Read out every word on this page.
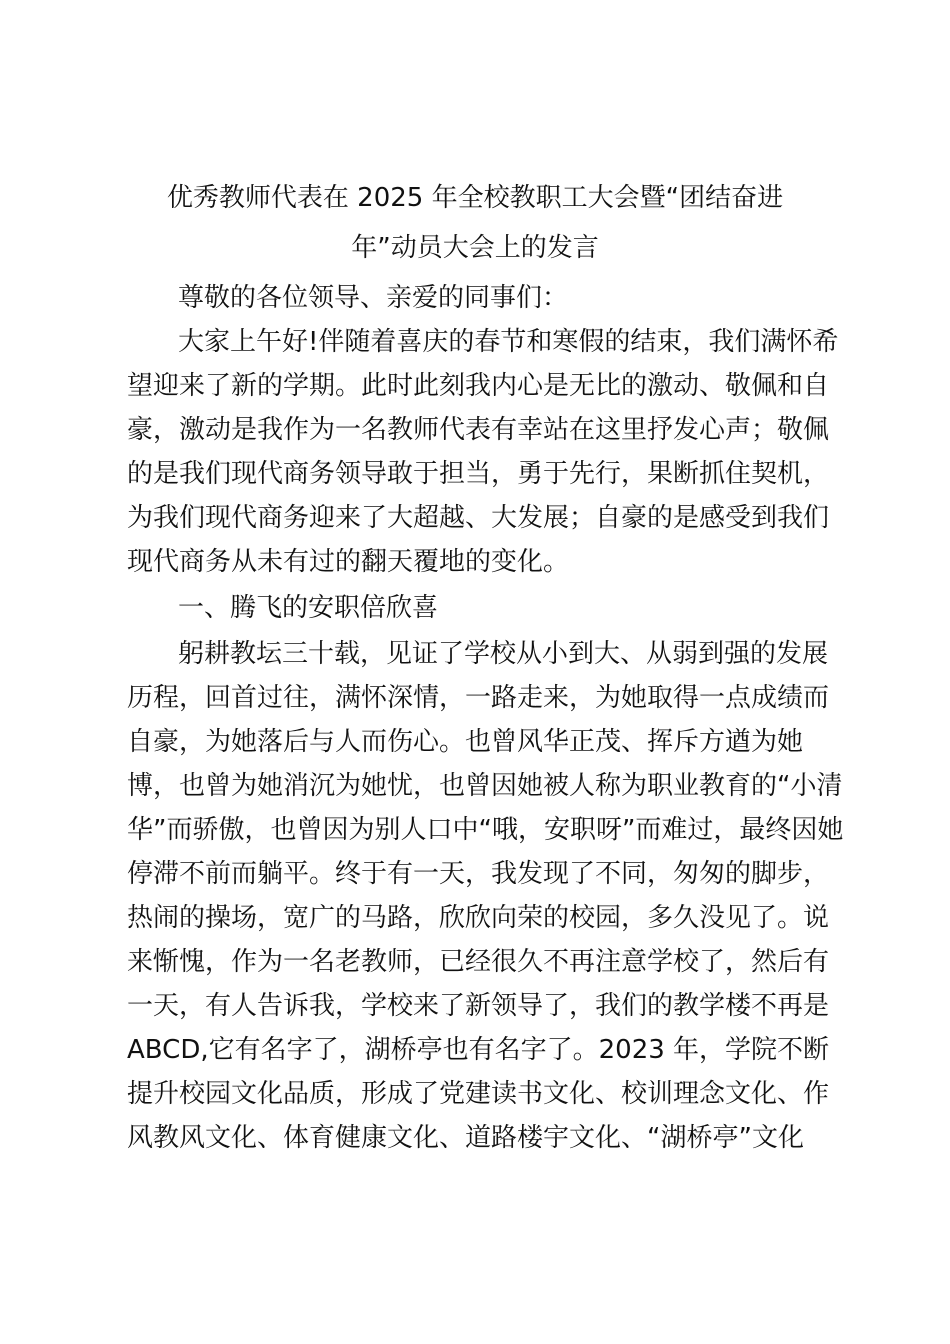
优秀教师代表在 2025 年全校教职工大会暨“团结奋进
年”动员大会上的发言
尊敬的各位领导、亲爱的同事们：
大家上午好!伴随着喜庆的春节和寒假的结束，我们满怀希
望迎来了新的学期。此时此刻我内心是无比的激动、敬佩和自
豪，激动是我作为一名教师代表有幸站在这里抒发心声；敬佩
的是我们现代商务领导敢于担当，勇于先行，果断抓住契机，
为我们现代商务迎来了大超越、大发展；自豪的是感受到我们
现代商务从未有过的翻天覆地的变化。
一、腾飞的安职倍欣喜
躬耕教坛三十载，见证了学校从小到大、从弱到强的发展
历程，回首过往，满怀深情，一路走来，为她取得一点成绩而
自豪，为她落后与人而伤心。也曾风华正茂、挥斥方遒为她
博，也曾为她消沉为她忧，也曾因她被人称为职业教育的“小清
华”而骄傲，也曾因为别人口中“哦，安职呀”而难过，最终因她
停滞不前而躺平。终于有一天，我发现了不同，匆匆的脚步，
热闹的操场，宽广的马路，欣欣向荣的校园，多久没见了。说
来惭愧，作为一名老教师，已经很久不再注意学校了，然后有
一天，有人告诉我，学校来了新领导了，我们的教学楼不再是
ABCD,它有名字了，湖桥亭也有名字了。2023 年，学院不断
提升校园文化品质，形成了党建读书文化、校训理念文化、作
风教风文化、体育健康文化、道路楼宇文化、“湖桥亭”文化
